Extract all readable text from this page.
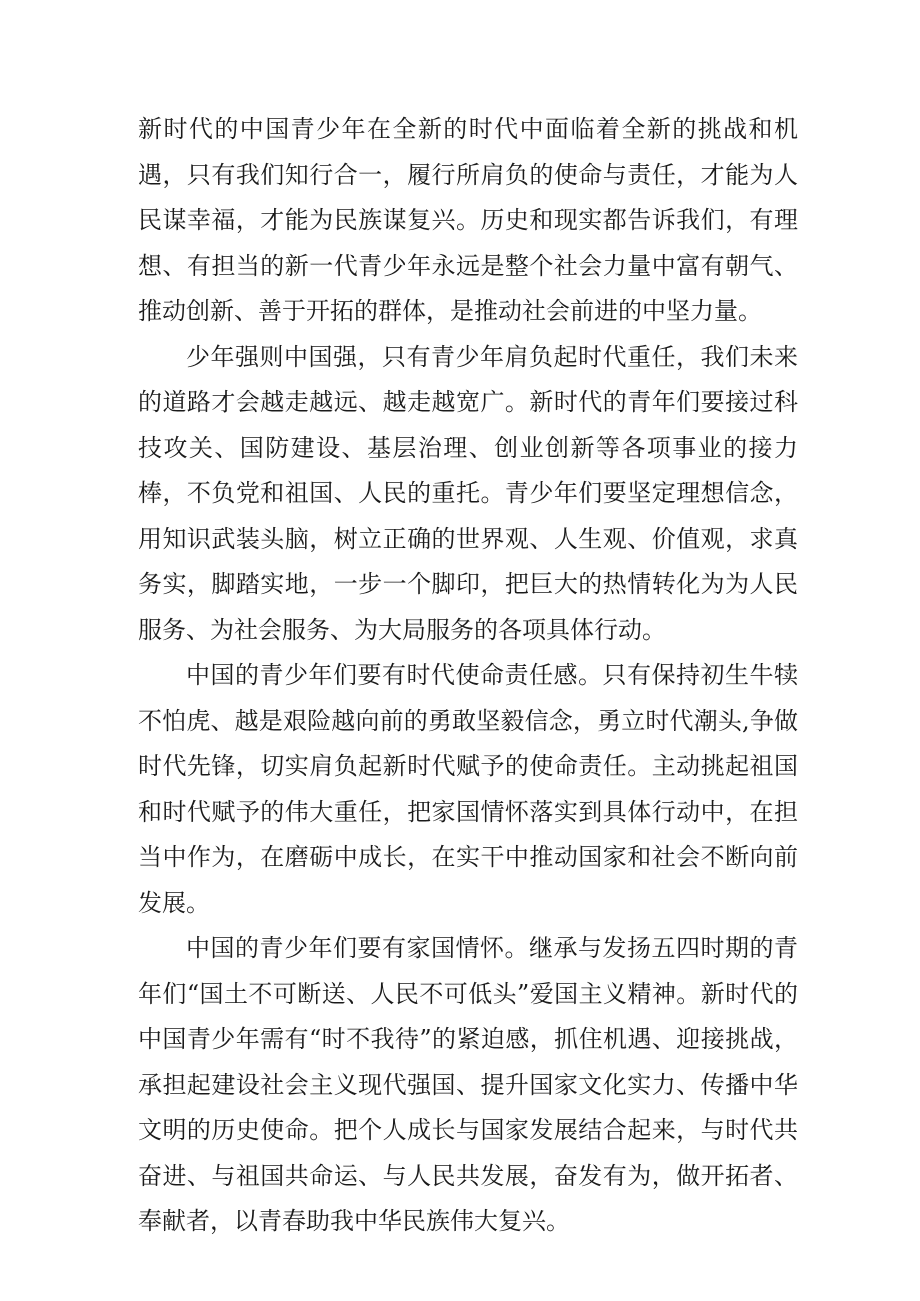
新时代的中国青少年在全新的时代中面临着全新的挑战和机遇，只有我们知行合一，履行所肩负的使命与责任，才能为人民谋幸福，才能为民族谋复兴。历史和现实都告诉我们，有理想、有担当的新一代青少年永远是整个社会力量中富有朝气、推动创新、善于开拓的群体，是推动社会前进的中坚力量。

少年强则中国强，只有青少年肩负起时代重任，我们未来的道路才会越走越远、越走越宽广。新时代的青年们要接过科技攻关、国防建设、基层治理、创业创新等各项事业的接力棒，不负党和祖国、人民的重托。青少年们要坚定理想信念，用知识武装头脑，树立正确的世界观、人生观、价值观，求真务实，脚踏实地，一步一个脚印，把巨大的热情转化为为人民服务、为社会服务、为大局服务的各项具体行动。

中国的青少年们要有时代使命责任感。只有保持初生牛犊不怕虎、越是艰险越向前的勇敢坚毅信念，勇立时代潮头,争做时代先锋，切实肩负起新时代赋予的使命责任。主动挑起祖国和时代赋予的伟大重任，把家国情怀落实到具体行动中，在担当中作为，在磨砺中成长，在实干中推动国家和社会不断向前发展。

中国的青少年们要有家国情怀。继承与发扬五四时期的青年们“国土不可断送、人民不可低头”爱国主义精神。新时代的中国青少年需有“时不我待”的紧迫感，抓住机遇、迎接挑战，承担起建设社会主义现代强国、提升国家文化实力、传播中华文明的历史使命。把个人成长与国家发展结合起来，与时代共奋进、与祖国共命运、与人民共发展，奋发有为，做开拓者、奉献者，以青春助我中华民族伟大复兴。
